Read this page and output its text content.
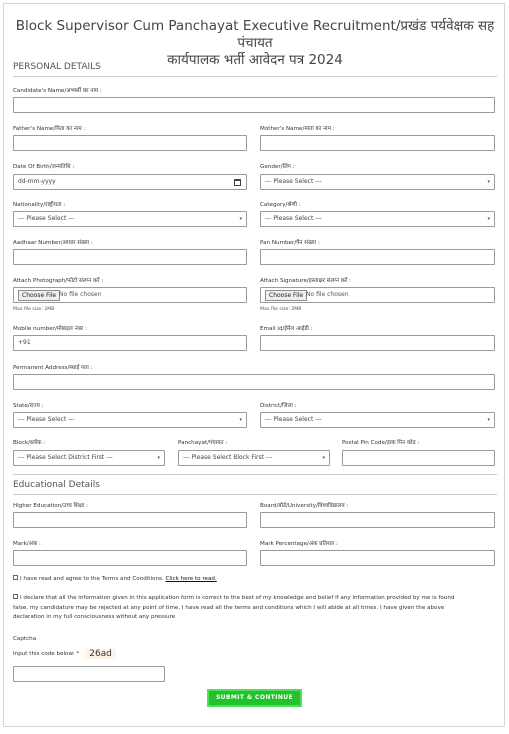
Block Supervisor Cum Panchayat Executive Recruitment/प्रखंड पर्यवेक्षक सह पंचायत
कार्यपालक भर्ती आवेदन पत्र 2024
PERSONAL DETAILS
Candidate's Name/अभ्यर्थी का नाम :
Father's Name/पिता का नाम :	Mother's Name/माता का नाम :
Date Of Birth/जन्मतिथि :
dd-mm-yyyy
Gender/लिंग :
--- Please Select ---	▾
Nationality/राष्ट्रीयता :
--- Please Select ---	▾
Category/श्रेणी :
--- Please Select ---	▾
Aadhaar Number/आधार संख्या :	Pan Number/पैन संख्या :
Attach Photograph/फोटो संलग्न करें :
Choose File No file chosen
Max file size: 2MB
Attach Signature/हस्ताक्षर संलग्न करें :
Choose File No file chosen
Max file size: 2MB
Mobile number/मोबाइल नंबर :
+91
Email id/ईमेल आईडी :
Permanent Address/स्थाई पता :
State/राज्य :
--- Please Select ---	▾
District/जिला :
--- Please Select ---	▾
Block/ब्लॉक :
--- Please Select District First ---	▾
Panchayat/पंचायत :
--- Please Select Block First ---	▾
Postal Pin Code/डाक पिन कोड :
Educational Details
Higher Education/उच्च शिक्षा :	Board/बोर्ड/University/विश्वविद्यालय :
Mark/अंक :	Mark Percentage/अंक प्रतिशत :
I have read and agree to the Terms and Conditions. Click here to read.
I declare that all the information given in this application form is correct to the best of my knowledge and belief if any information provided by me is found
false, my candidature may be rejected at any point of time. I have read all the terms and conditions which I will abide at all times. I have given the above
declaration in my full consciousness without any pressure
Captcha
Input this code below: * 26ad
SUBMIT & CONTINUE
